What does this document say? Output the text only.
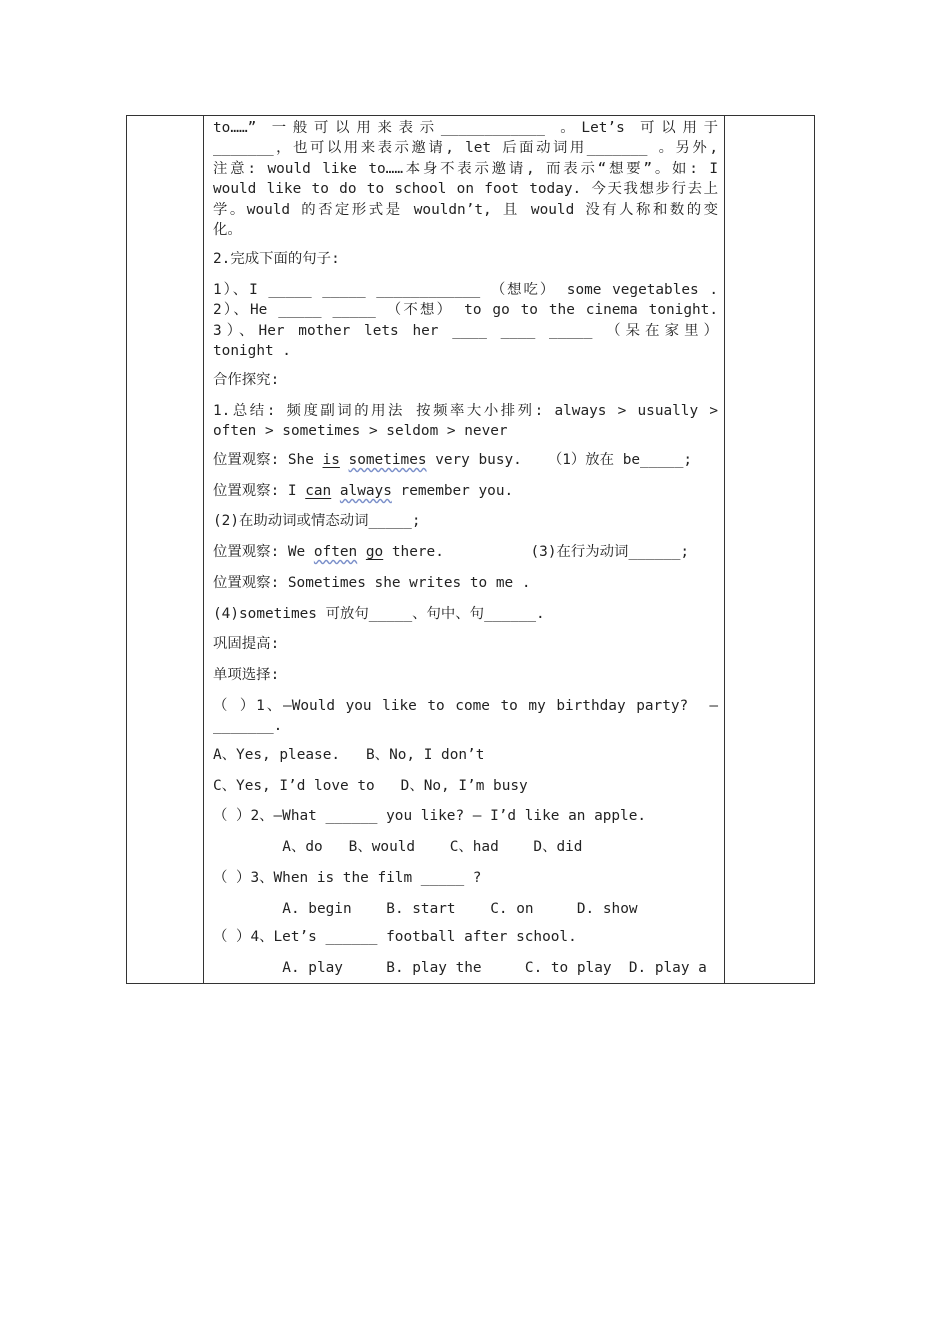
to……” 一般可以用来表示____________ 。Let’s 可以用于
_______，也可以用来表示邀请, let 后面动词用_______ 。另外,
注意: would like to……本身不表示邀请, 而表示“想要”。如: I
would like to do to school on foot today. 今天我想步行去上
学。would 的否定形式是 wouldn’t, 且 would 没有人称和数的变
化。
2.完成下面的句子:
1）、I _____ _____ ____________ （想吃） some vegetables .
2）、He _____ _____ （不想） to go to the cinema tonight.
3）、Her mother lets her ____ ____ _____ （呆在家里）
tonight .
合作探究:
1.总结: 频度副词的用法 按频率大小排列: always > usually >
often > sometimes > seldom > never
位置观察: She is sometimes very busy.   （1）放在 be_____;
位置观察: I can always remember you.
(2)在助动词或情态动词_____;
位置观察: We often go there.          (3)在行为动词______;
位置观察: Sometimes she writes to me .
(4)sometimes 可放句_____、句中、句______.
巩固提高:
单项选择:
（ ）1、—Would you like to come to my birthday party?  —
_______.
A、Yes, please.   B、No, I don’t
C、Yes, I’d love to   D、No, I’m busy
（ ）2、—What ______ you like? — I’d like an apple.
A、do   B、would    C、had    D、did
（ ）3、When is the film _____ ?
A. begin    B. start    C. on     D. show
（ ）4、Let’s ______ football after school.
A. play     B. play the     C. to play  D. play a
